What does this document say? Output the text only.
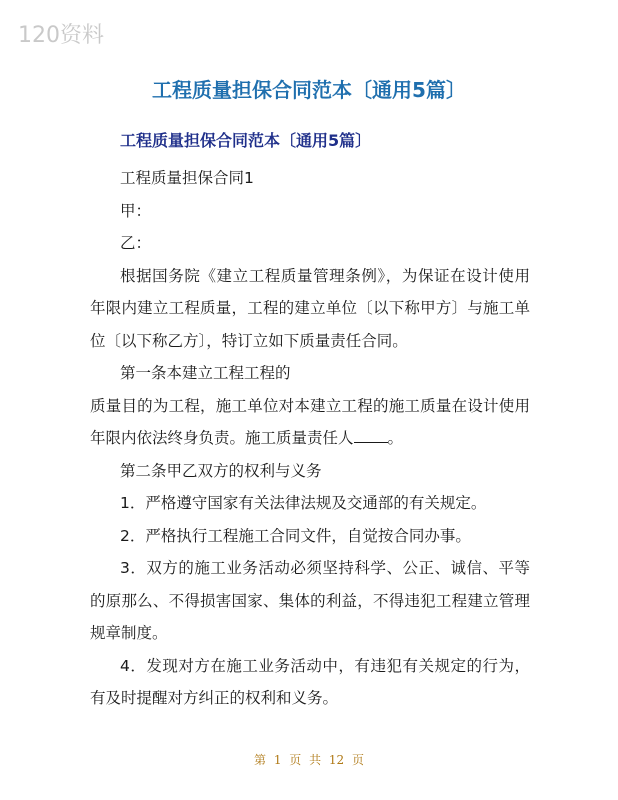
120资料
工程质量担保合同范本〔通用5篇〕
工程质量担保合同范本〔通用5篇〕

工程质量担保合同1

甲：

乙：

根据国务院《建立工程质量管理条例》，为保证在设计使用年限内建立工程质量，工程的建立单位〔以下称甲方〕与施工单位〔以下称乙方〕，特订立如下质量责任合同。

第一条本建立工程工程的

质量目的为工程，施工单位对本建立工程的施工质量在设计使用年限内依法终身负责。施工质量责任人 。

第二条甲乙双方的权利与义务

1．严格遵守国家有关法律法规及交通部的有关规定。

2．严格执行工程施工合同文件，自觉按合同办事。

3．双方的施工业务活动必须坚持科学、公正、诚信、平等的原那么、不得损害国家、集体的利益，不得违犯工程建立管理规章制度。

4．发现对方在施工业务活动中，有违犯有关规定的行为，有及时提醒对方纠正的权利和义务。

第 1 页 共 12 页
